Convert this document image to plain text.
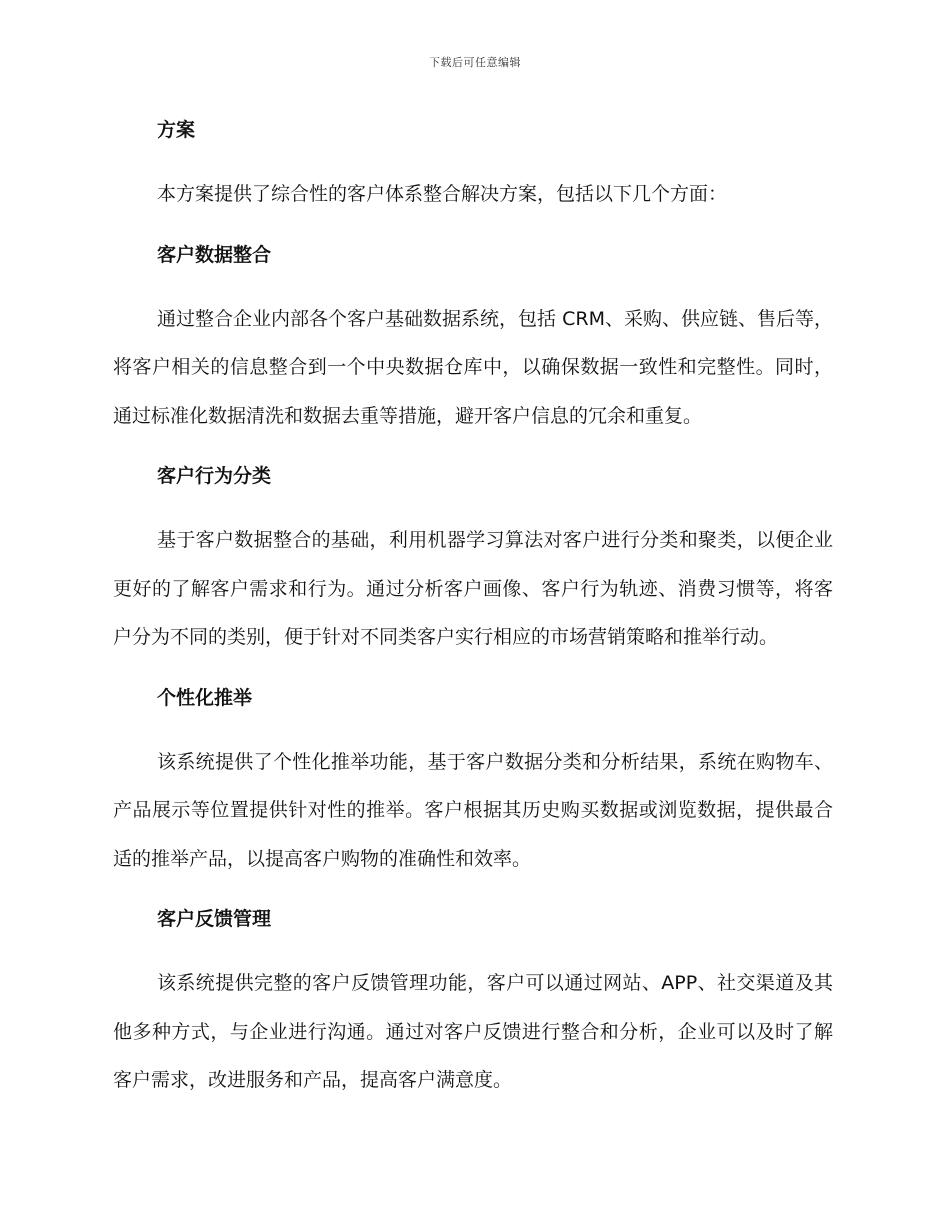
下载后可任意编辑
方案

本方案提供了综合性的客户体系整合解决方案，包括以下几个方面：

客户数据整合

通过整合企业内部各个客户基础数据系统，包括 CRM、采购、供应链、售后等，将客户相关的信息整合到一个中央数据仓库中，以确保数据一致性和完整性。同时，通过标准化数据清洗和数据去重等措施，避开客户信息的冗余和重复。

客户行为分类

基于客户数据整合的基础，利用机器学习算法对客户进行分类和聚类，以便企业更好的了解客户需求和行为。通过分析客户画像、客户行为轨迹、消费习惯等，将客户分为不同的类别，便于针对不同类客户实行相应的市场营销策略和推举行动。

个性化推举

该系统提供了个性化推举功能，基于客户数据分类和分析结果，系统在购物车、产品展示等位置提供针对性的推举。客户根据其历史购买数据或浏览数据，提供最合适的推举产品，以提高客户购物的准确性和效率。

客户反馈管理

该系统提供完整的客户反馈管理功能，客户可以通过网站、APP、社交渠道及其他多种方式，与企业进行沟通。通过对客户反馈进行整合和分析，企业可以及时了解客户需求，改进服务和产品，提高客户满意度。
